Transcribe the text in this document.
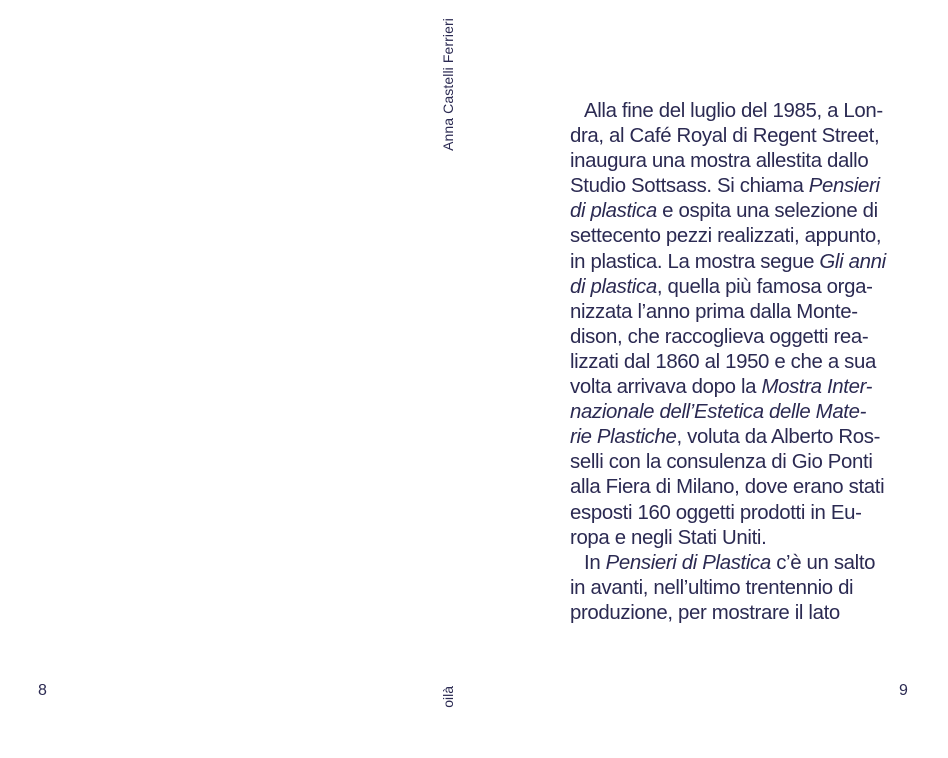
Anna Castelli Ferrieri
oilà
8	9
Alla fine del luglio del 1985, a Lon-
dra, al Café Royal di Regent Street,
inaugura una mostra allestita dallo
Studio Sottsass. Si chiama Pensieri
di plastica e ospita una selezione di
settecento pezzi realizzati, appunto,
in plastica. La mostra segue Gli anni
di plastica, quella più famosa orga-
nizzata l’anno prima dalla Monte-
dison, che raccoglieva oggetti rea-
lizzati dal 1860 al 1950 e che a sua
volta arrivava dopo la Mostra Inter-
nazionale dell’Estetica delle Mate-
rie Plastiche, voluta da Alberto Ros-
selli con la consulenza di Gio Ponti
alla Fiera di Milano, dove erano stati
esposti 160 oggetti prodotti in Eu-
ropa e negli Stati Uniti.
In Pensieri di Plastica c’è un salto
in avanti, nell’ultimo trentennio di
produzione, per mostrare il lato
